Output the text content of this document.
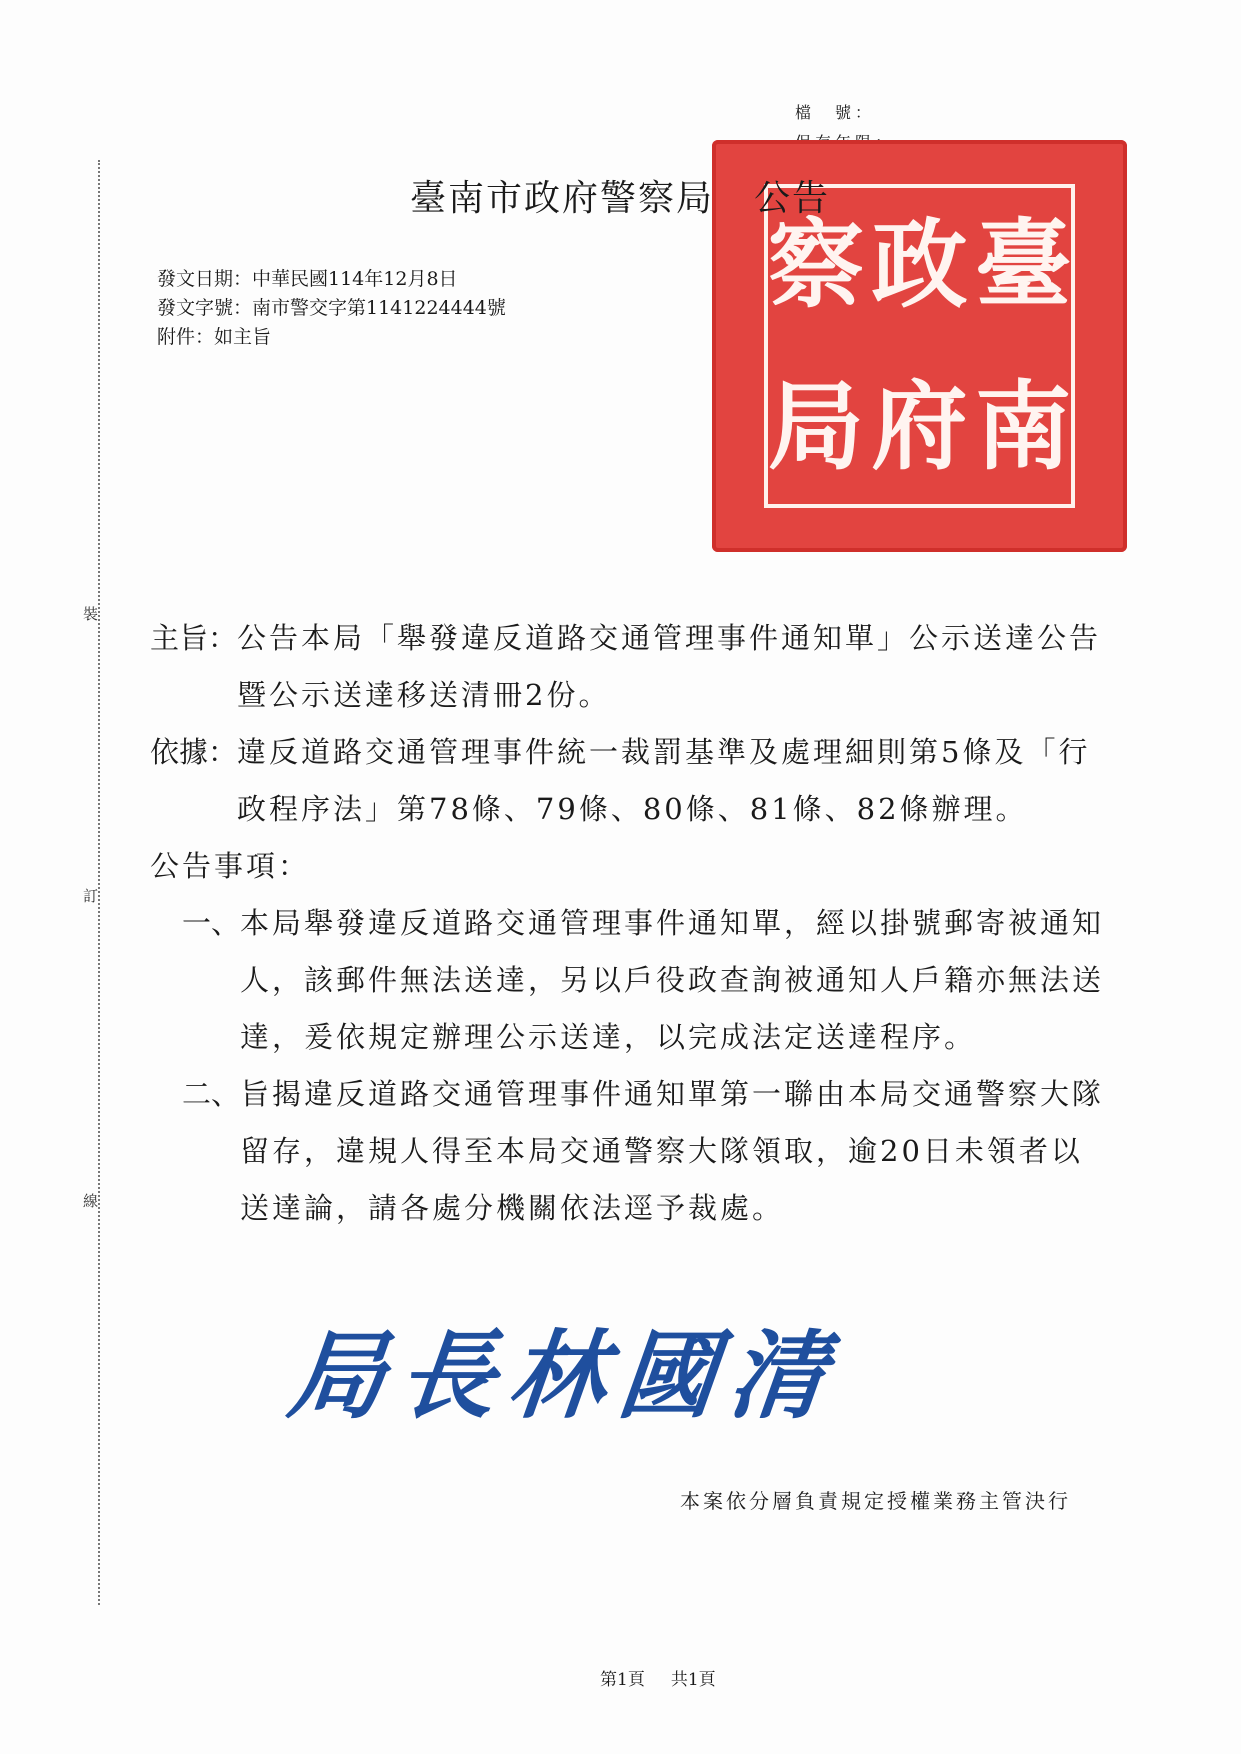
裝
訂
線
檔　號：
臺
南
政
府
察
局
臺南市政府警察局 公告
發文日期：中華民國114年12月8日
發文字號：南市警交字第1141224444號
附件：如主旨
主旨： 公告本局「舉發違反道路交通管理事件通知單」公示送達公告暨公示送達移送清冊2份。
依據： 違反道路交通管理事件統一裁罰基準及處理細則第5條及「行政程序法」第78條、79條、80條、81條、82條辦理。
公告事項：
一、 本局舉發違反道路交通管理事件通知單，經以掛號郵寄被通知人，該郵件無法送達，另以戶役政查詢被通知人戶籍亦無法送達，爰依規定辦理公示送達，以完成法定送達程序。
二、 旨揭違反道路交通管理事件通知單第一聯由本局交通警察大隊留存，違規人得至本局交通警察大隊領取，逾20日未領者以送達論，請各處分機關依法逕予裁處。
局長林國清
本案依分層負責規定授權業務主管決行
第1頁 共1頁
